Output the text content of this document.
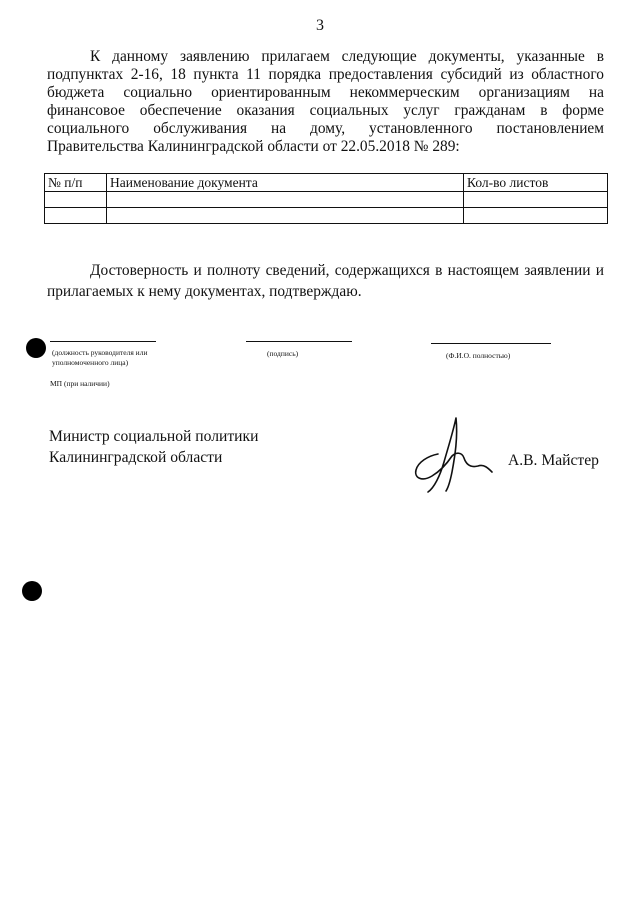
3

К данному заявлению прилагаем следующие документы, указанные в подпунктах 2-16, 18 пункта 11 порядка предоставления субсидий из областного бюджета социально ориентированным некоммерческим организациям на финансовое обеспечение оказания социальных услуг гражданам в форме социального обслуживания на дому, установленного постановлением Правительства Калининградской области от 22.05.2018 № 289:

№ п/п	Наименование документа	Кол-во листов

Достоверность и полноту сведений, содержащихся в настоящем заявлении и прилагаемых к нему документах, подтверждаю.

(должность руководителя или
уполномоченного лица)
(подпись)	(Ф.И.О. полностью)
МП (при наличии)
Министр социальной политики
Калининградской области	А.В. Майстер
